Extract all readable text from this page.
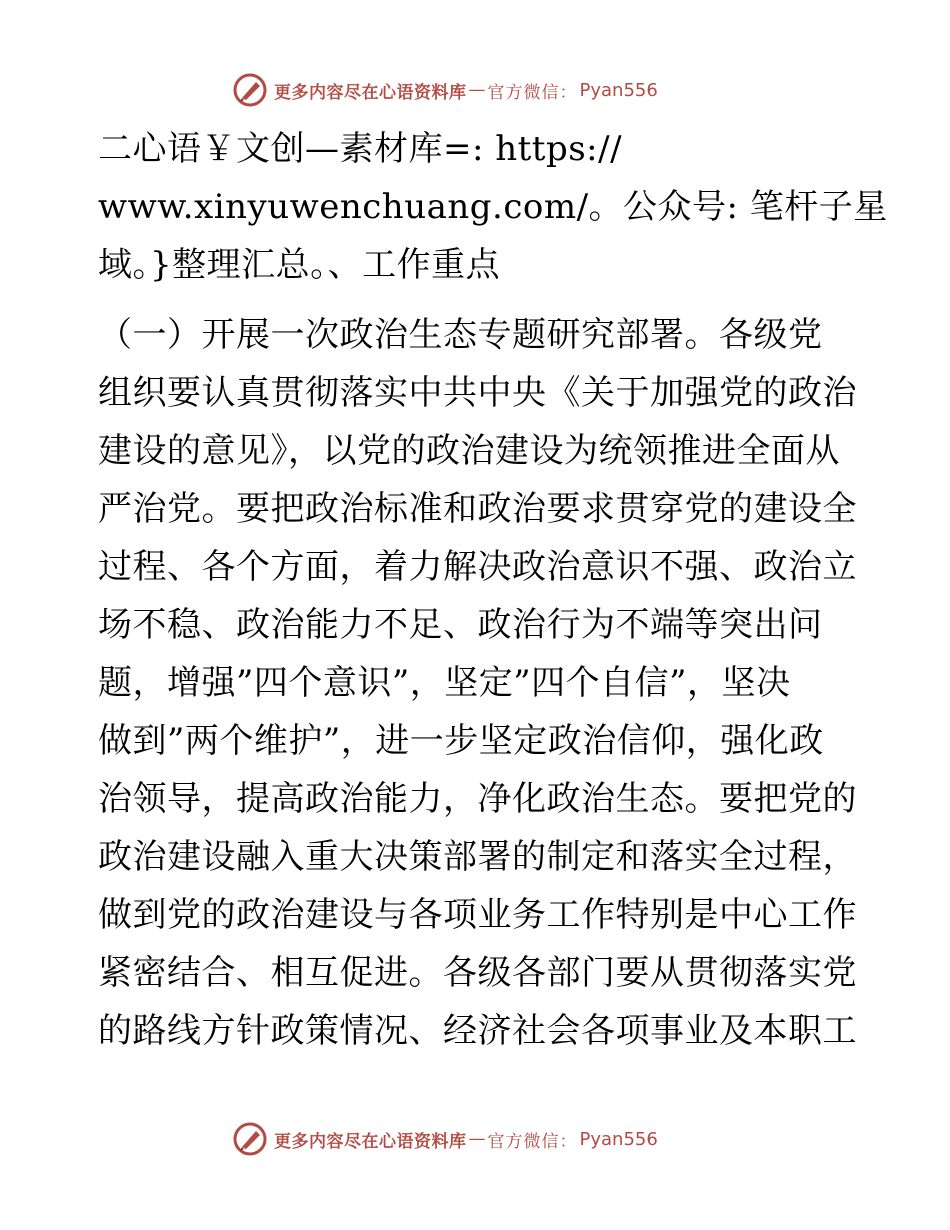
更多内容尽在心语资料库 — 官方微信： Pyan556
二心语￥文创—素材库=: https://
www.xinyuwenchuang.com/。公众号: 笔杆子星
域。}整理汇总。、工作重点
（一）开展一次政治生态专题研究部署。各级党
组织要认真贯彻落实中共中央《关于加强党的政治
建设的意见》，以党的政治建设为统领推进全面从
严治党。要把政治标准和政治要求贯穿党的建设全
过程、各个方面，着力解决政治意识不强、政治立
场不稳、政治能力不足、政治行为不端等突出问
题，增强”四个意识”，坚定”四个自信”，坚决
做到”两个维护”，进一步坚定政治信仰，强化政
治领导，提高政治能力，净化政治生态。要把党的
政治建设融入重大决策部署的制定和落实全过程，
做到党的政治建设与各项业务工作特别是中心工作
紧密结合、相互促进。各级各部门要从贯彻落实党
的路线方针政策情况、经济社会各项事业及本职工
更多内容尽在心语资料库 — 官方微信： Pyan556
